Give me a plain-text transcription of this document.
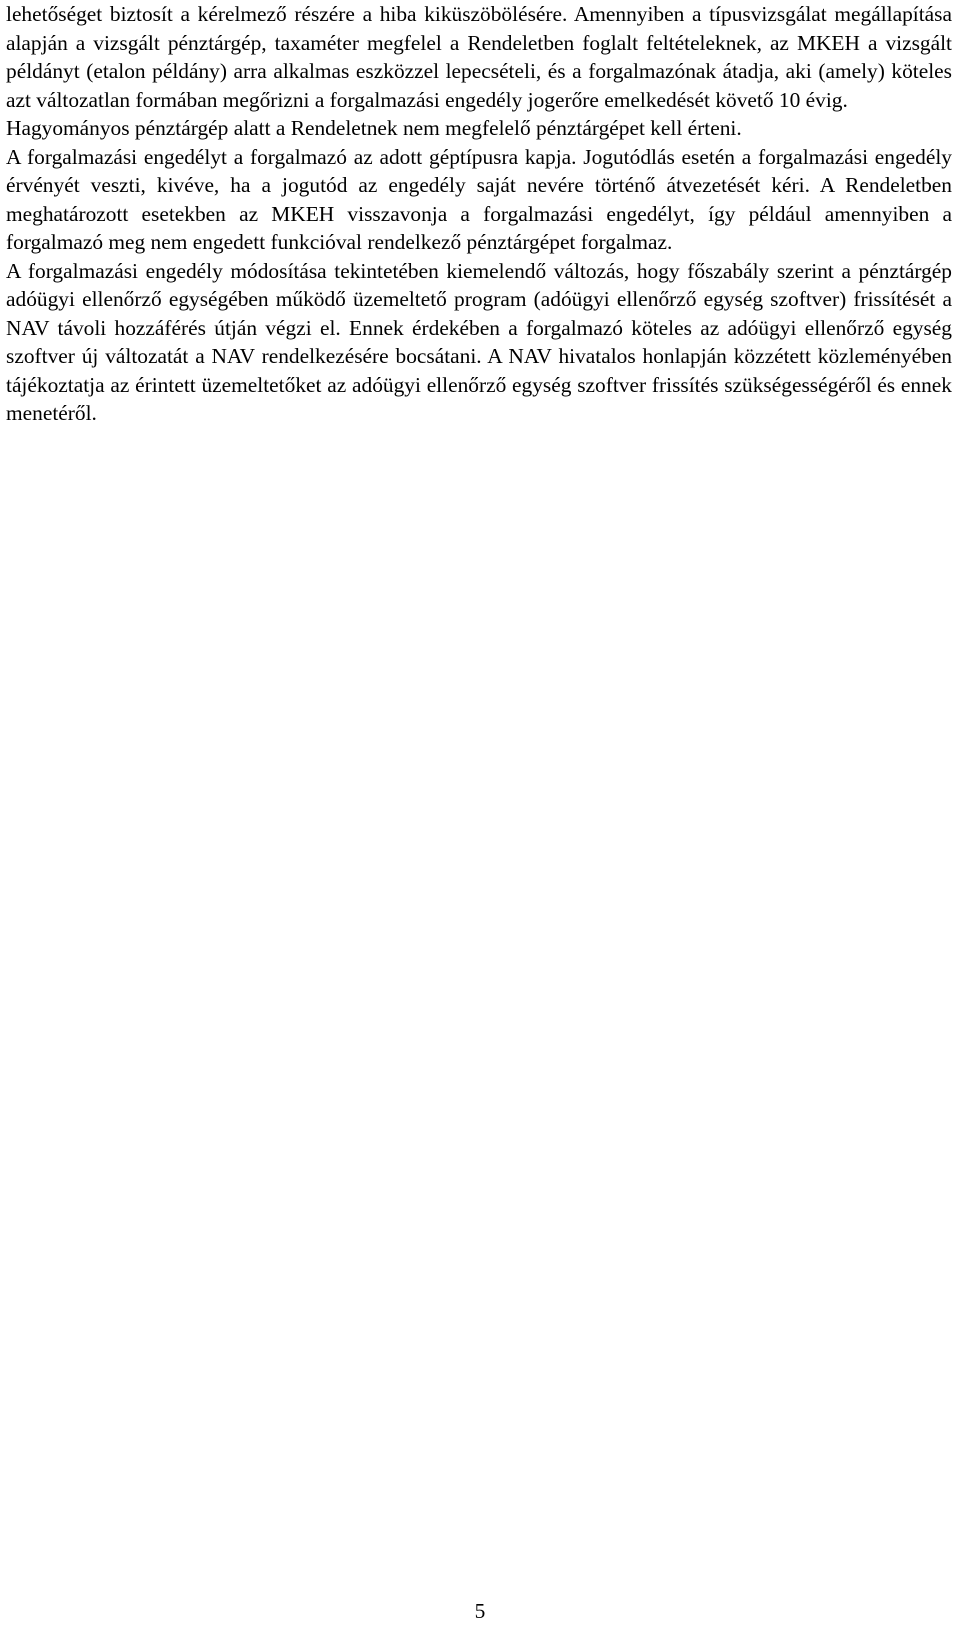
lehetőséget biztosít a kérelmező részére a hiba kiküszöbölésére. Amennyiben a típusvizsgálat megállapítása alapján a vizsgált pénztárgép, taxaméter megfelel a Rendeletben foglalt feltételeknek, az MKEH a vizsgált példányt (etalon példány) arra alkalmas eszközzel lepecsételi, és a forgalmazónak átadja, aki (amely) köteles azt változatlan formában megőrizni a forgalmazási engedély jogerőre emelkedését követő 10 évig.

Hagyományos pénztárgép alatt a Rendeletnek nem megfelelő pénztárgépet kell érteni.

A forgalmazási engedélyt a forgalmazó az adott géptípusra kapja. Jogutódlás esetén a forgalmazási engedély érvényét veszti, kivéve, ha a jogutód az engedély saját nevére történő átvezetését kéri. A Rendeletben meghatározott esetekben az MKEH visszavonja a forgalmazási engedélyt, így például amennyiben a forgalmazó meg nem engedett funkcióval rendelkező pénztárgépet forgalmaz.

A forgalmazási engedély módosítása tekintetében kiemelendő változás, hogy főszabály szerint a pénztárgép adóügyi ellenőrző egységében működő üzemeltető program (adóügyi ellenőrző egység szoftver) frissítését a NAV távoli hozzáférés útján végzi el. Ennek érdekében a forgalmazó köteles az adóügyi ellenőrző egység szoftver új változatát a NAV rendelkezésére bocsátani. A NAV hivatalos honlapján közzétett közleményében tájékoztatja az érintett üzemeltetőket az adóügyi ellenőrző egység szoftver frissítés szükségességéről és ennek menetéről.

5
